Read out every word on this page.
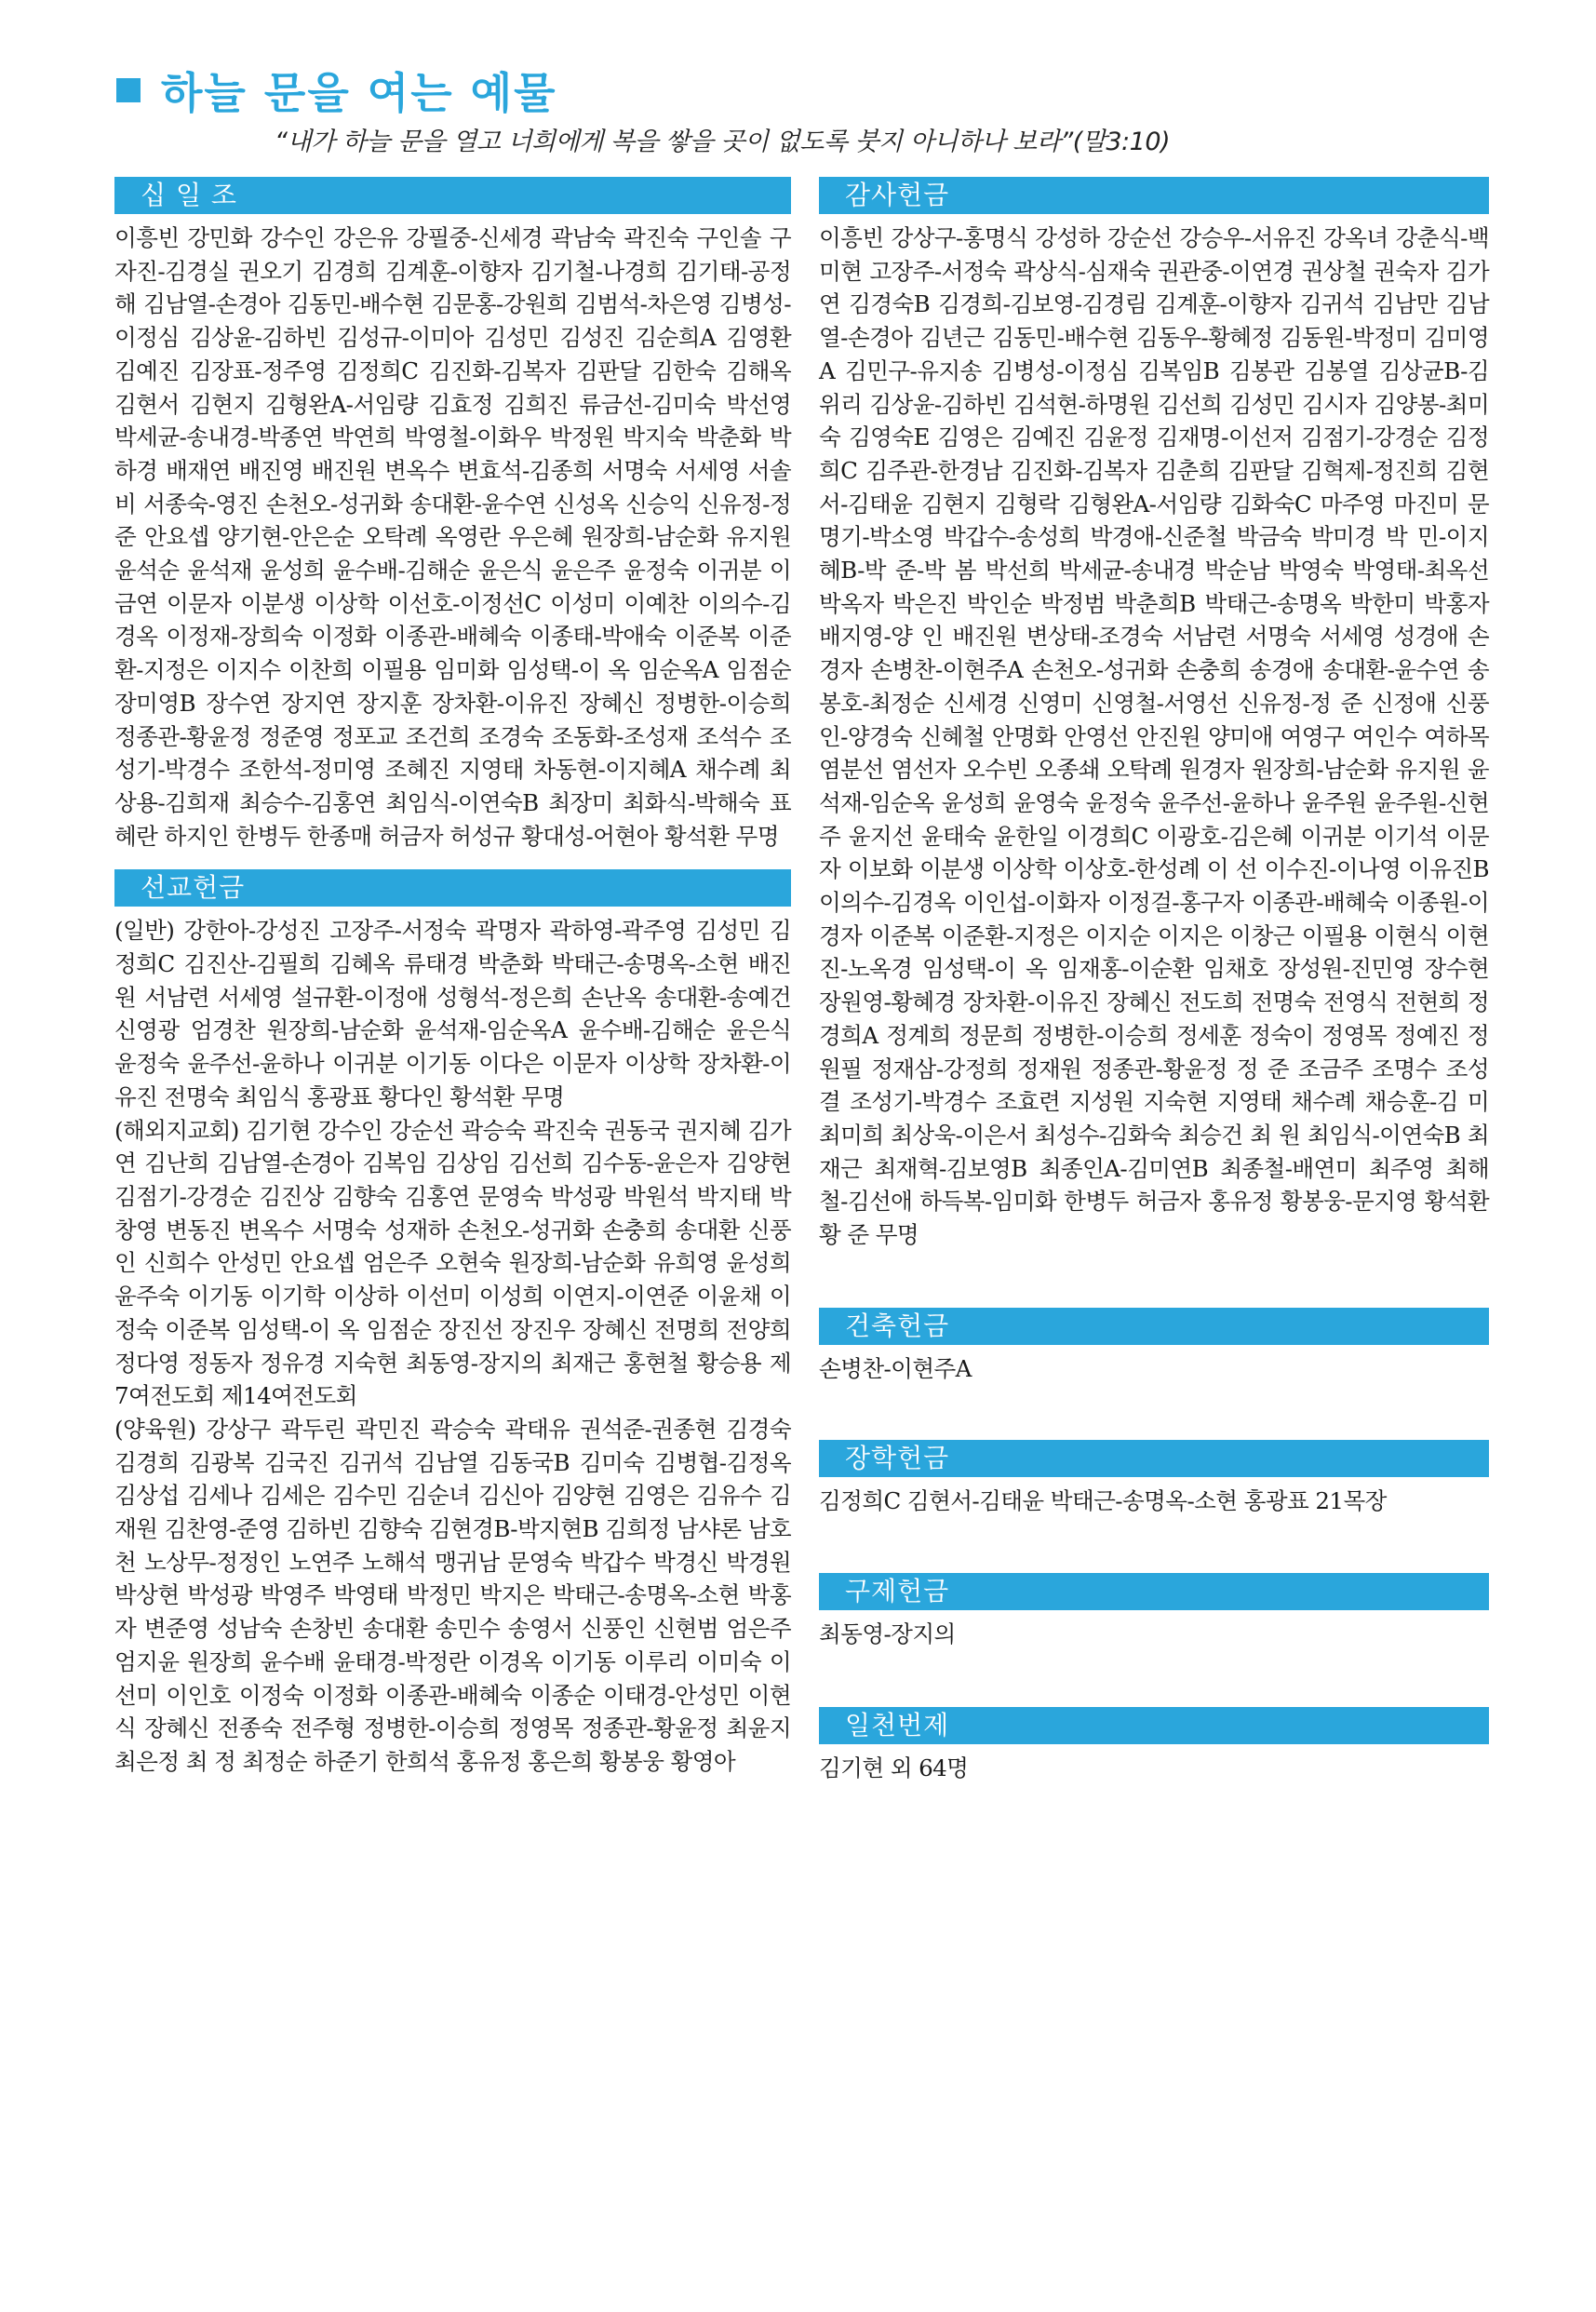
하늘 문을 여는 예물
“내가 하늘 문을 열고 너희에게 복을 쌓을 곳이 없도록 붓지 아니하나 보라”(말3:10)
십 일 조
이흥빈 강민화 강수인 강은유 강필중-신세경 곽남숙 곽진숙 구인솔 구자진-김경실 권오기 김경희 김계훈-이향자 김기철-나경희 김기태-공정해 김남열-손경아 김동민-배수현 김문홍-강원희 김범석-차은영 김병성-이정심 김상윤-김하빈 김성규-이미아 김성민 김성진 김순희A 김영환 김예진 김장표-정주영 김정희C 김진화-김복자 김판달 김한숙 김해옥 김현서 김현지 김형완A-서임량 김효정 김희진 류금선-김미숙 박선영 박세균-송내경-박종연 박연희 박영철-이화우 박정원 박지숙 박춘화 박하경 배재연 배진영 배진원 변옥수 변효석-김종희 서명숙 서세영 서솔비 서종숙-영진 손천오-성귀화 송대환-윤수연 신성옥 신승익 신유정-정 준 안요셉 양기현-안은순 오탁례 옥영란 우은혜 원장희-남순화 유지원 윤석순 윤석재 윤성희 윤수배-김해순 윤은식 윤은주 윤정숙 이귀분 이금연 이문자 이분생 이상학 이선호-이정선C 이성미 이예찬 이의수-김경옥 이정재-장희숙 이정화 이종관-배혜숙 이종태-박애숙 이준복 이준환-지정은 이지수 이찬희 이필용 임미화 임성택-이 옥 임순옥A 임점순 장미영B 장수연 장지연 장지훈 장차환-이유진 장혜신 정병한-이승희 정종관-황윤정 정준영 정포교 조건희 조경숙 조동화-조성재 조석수 조성기-박경수 조한석-정미영 조혜진 지영태 차동현-이지혜A 채수례 최상용-김희재 최승수-김홍연 최임식-이연숙B 최장미 최화식-박해숙 표혜란 하지인 한병두 한종매 허금자 허성규 황대성-어현아 황석환 무명
선교헌금

(일반) 강한아-강성진 고장주-서정숙 곽명자 곽하영-곽주영 김성민 김정희C 김진산-김필희 김혜옥 류태경 박춘화 박태근-송명옥-소현 배진원 서남련 서세영 설규환-이정애 성형석-정은희 손난옥 송대환-송예건 신영광 엄경찬 원장희-남순화 윤석재-임순옥A 윤수배-김해순 윤은식 윤정숙 윤주선-윤하나 이귀분 이기동 이다은 이문자 이상학 장차환-이유진 전명숙 최임식 홍광표 황다인 황석환 무명

(해외지교회) 김기현 강수인 강순선 곽승숙 곽진숙 권동국 권지혜 김가연 김난희 김남열-손경아 김복임 김상임 김선희 김수동-윤은자 김양현 김점기-강경순 김진상 김향숙 김홍연 문영숙 박성광 박원석 박지태 박창영 변동진 변옥수 서명숙 성재하 손천오-성귀화 손충희 송대환 신풍인 신희수 안성민 안요셉 엄은주 오현숙 원장희-남순화 유희영 윤성희 윤주숙 이기동 이기학 이상하 이선미 이성희 이연지-이연준 이윤채 이정숙 이준복 임성택-이 옥 임점순 장진선 장진우 장혜신 전명희 전양희 정다영 정동자 정유경 지숙현 최동영-장지의 최재근 홍현철 황승용 제7여전도회 제14여전도회

(양육원) 강상구 곽두린 곽민진 곽승숙 곽태유 권석준-권종현 김경숙 김경희 김광복 김국진 김귀석 김남열 김동국B 김미숙 김병협-김정옥 김상섭 김세나 김세은 김수민 김순녀 김신아 김양현 김영은 김유수 김재원 김찬영-준영 김하빈 김향숙 김현경B-박지현B 김희정 남샤론 남호천 노상무-정정인 노연주 노해석 맹귀남 문영숙 박갑수 박경신 박경원 박상현 박성광 박영주 박영태 박정민 박지은 박태근-송명옥-소현 박홍자 변준영 성남숙 손창빈 송대환 송민수 송영서 신풍인 신현범 엄은주 엄지윤 원장희 윤수배 윤태경-박정란 이경옥 이기동 이루리 이미숙 이선미 이인호 이정숙 이정화 이종관-배혜숙 이종순 이태경-안성민 이현식 장혜신 전종숙 전주형 정병한-이승희 정영목 정종관-황윤정 최윤지 최은정 최 정 최정순 하준기 한희석 홍유정 홍은희 황봉웅 황영아

감사헌금
이흥빈 강상구-홍명식 강성하 강순선 강승우-서유진 강옥녀 강춘식-백미현 고장주-서정숙 곽상식-심재숙 권관중-이연경 권상철 권숙자 김가연 김경숙B 김경희-김보영-김경림 김계훈-이향자 김귀석 김남만 김남열-손경아 김년근 김동민-배수현 김동우-황혜정 김동원-박정미 김미영A 김민구-유지송 김병성-이정심 김복임B 김봉관 김봉열 김상균B-김위리 김상윤-김하빈 김석현-하명원 김선희 김성민 김시자 김양봉-최미숙 김영숙E 김영은 김예진 김윤정 김재명-이선저 김점기-강경순 김정희C 김주관-한경남 김진화-김복자 김춘희 김판달 김혁제-정진희 김현서-김태윤 김현지 김형락 김형완A-서임량 김화숙C 마주영 마진미 문명기-박소영 박갑수-송성희 박경애-신준철 박금숙 박미경 박 민-이지혜B-박 준-박 봄 박선희 박세균-송내경 박순남 박영숙 박영태-최옥선 박옥자 박은진 박인순 박정범 박춘희B 박태근-송명옥 박한미 박홍자 배지영-양 인 배진원 변상태-조경숙 서남련 서명숙 서세영 성경애 손경자 손병찬-이현주A 손천오-성귀화 손충희 송경애 송대환-윤수연 송봉호-최정순 신세경 신영미 신영철-서영선 신유정-정 준 신정애 신풍인-양경숙 신혜철 안명화 안영선 안진원 양미애 여영구 여인수 여하목 염분선 염선자 오수빈 오종쇄 오탁례 원경자 원장희-남순화 유지원 윤석재-임순옥 윤성희 윤영숙 윤정숙 윤주선-윤하나 윤주원 윤주원-신현주 윤지선 윤태숙 윤한일 이경희C 이광호-김은혜 이귀분 이기석 이문자 이보화 이분생 이상학 이상호-한성례 이 선 이수진-이나영 이유진B 이의수-김경옥 이인섭-이화자 이정걸-홍구자 이종관-배혜숙 이종원-이경자 이준복 이준환-지정은 이지순 이지은 이창근 이필용 이현식 이현진-노옥경 임성택-이 옥 임재홍-이순환 임채호 장성원-진민영 장수현 장원영-황혜경 장차환-이유진 장혜신 전도희 전명숙 전영식 전현희 정경희A 정계희 정문희 정병한-이승희 정세훈 정숙이 정영목 정예진 정원필 정재삼-강정희 정재원 정종관-황윤정 정 준 조금주 조명수 조성결 조성기-박경수 조효련 지성원 지숙현 지영태 채수례 채승훈-김 미 최미희 최상욱-이은서 최성수-김화숙 최승건 최 원 최임식-이연숙B 최재근 최재혁-김보영B 최종인A-김미연B 최종철-배연미 최주영 최해철-김선애 하득복-임미화 한병두 허금자 홍유정 황봉웅-문지영 황석환 황 준 무명
건축헌금
손병찬-이현주A
장학헌금
김정희C 김현서-김태윤 박태근-송명옥-소현 홍광표 21목장
구제헌금
최동영-장지의
일천번제
김기현 외 64명
